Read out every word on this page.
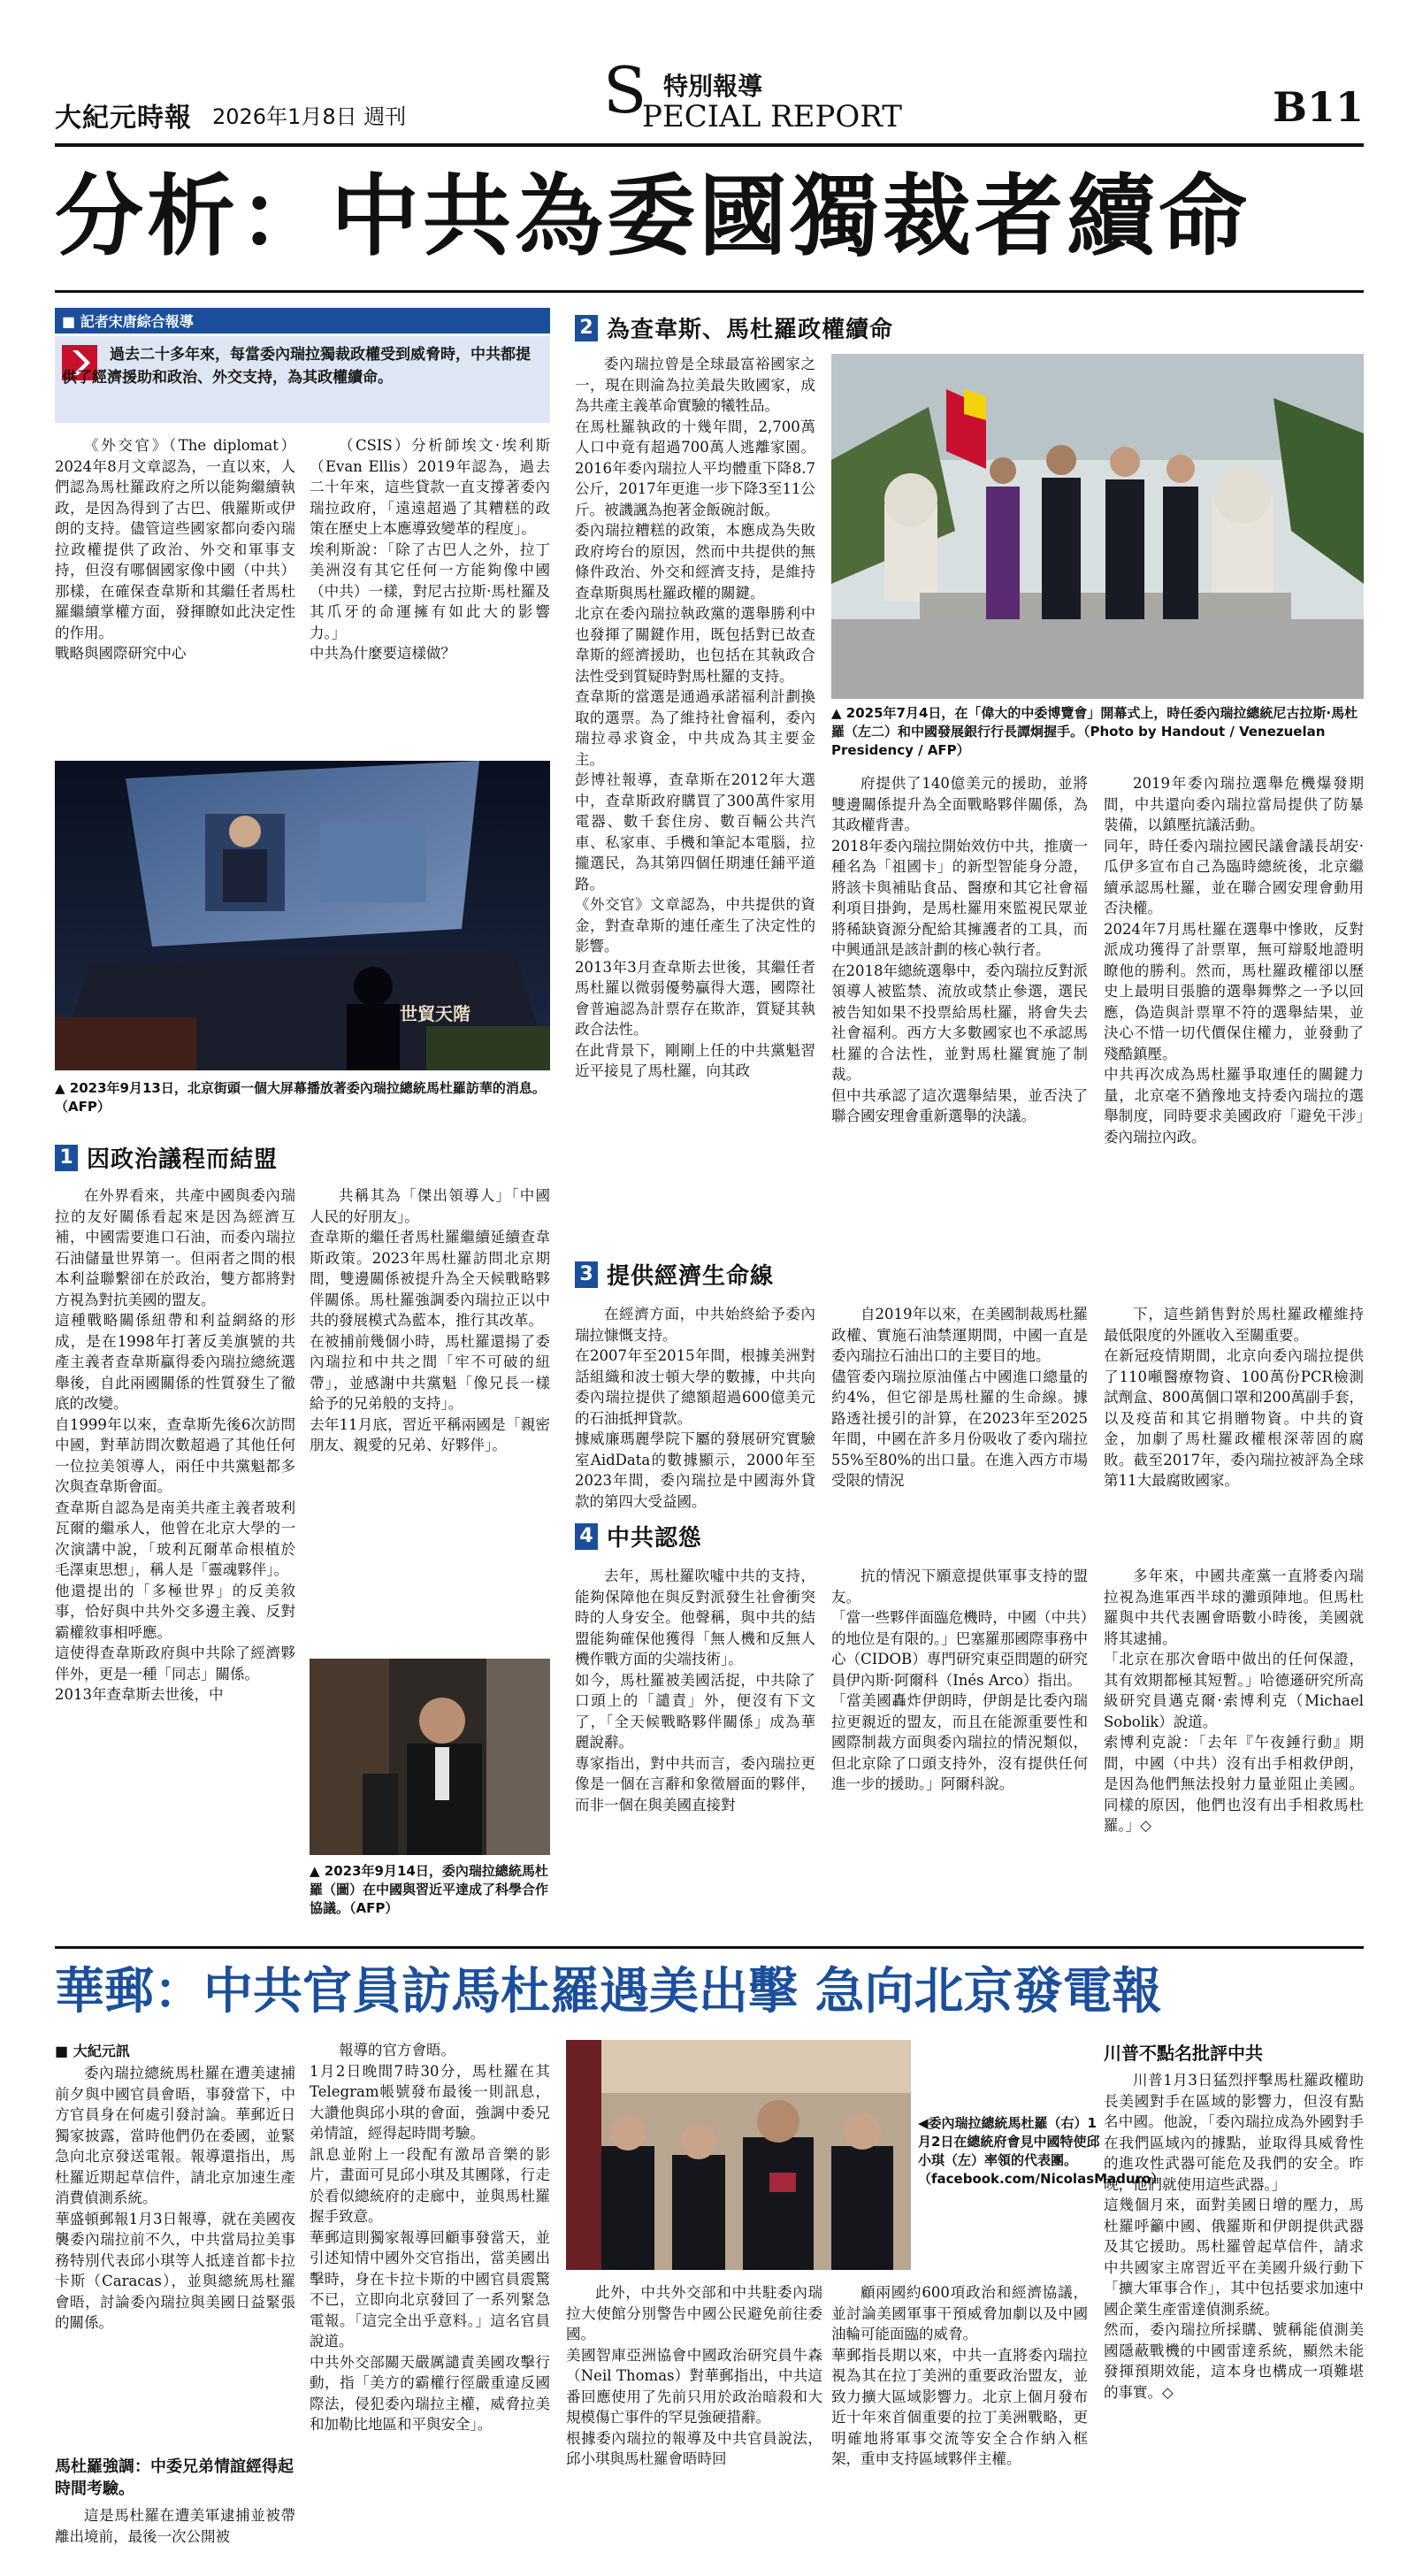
大紀元時報 2026年1月8日 週刊
特別報導
S
PECIAL REPORT	B11
分析：中共為委國獨裁者續命
■ 記者宋唐綜合報導
過去二十多年來，每當委內瑞拉獨裁政權受到威脅時，中共都提供了經濟援助和政治、外交支持，為其政權續命。
《外交官》（The diplomat）2024年8月文章認為，一直以來，人們認為馬杜羅政府之所以能夠繼續執政，是因為得到了古巴、俄羅斯或伊朗的支持。儘管這些國家都向委內瑞拉政權提供了政治、外交和軍事支持，但沒有哪個國家像中國（中共）那樣，在確保查韋斯和其繼任者馬杜羅繼續掌權方面，發揮瞭如此決定性的作用。
戰略與國際研究中心
（CSIS）分析師埃文·埃利斯（Evan Ellis）2019年認為，過去二十年來，這些貸款一直支撐著委內瑞拉政府，「遠遠超過了其糟糕的政策在歷史上本應導致變革的程度」。
埃利斯說：「除了古巴人之外，拉丁美洲沒有其它任何一方能夠像中國（中共）一樣，對尼古拉斯·馬杜羅及其爪牙的命運擁有如此大的影響力。」
中共為什麼要這樣做？
世貿天階
▲ 2023年9月13日，北京街頭一個大屏幕播放著委內瑞拉總統馬杜羅訪華的消息。（AFP）
1 因政治議程而結盟
在外界看來，共產中國與委內瑞拉的友好關係看起來是因為經濟互補，中國需要進口石油，而委內瑞拉石油儲量世界第一。但兩者之間的根本利益聯繫卻在於政治，雙方都將對方視為對抗美國的盟友。
這種戰略關係紐帶和利益網絡的形成，是在1998年打著反美旗號的共產主義者查韋斯贏得委內瑞拉總統選舉後，自此兩國關係的性質發生了徹底的改變。
自1999年以來，查韋斯先後6次訪問中國，對華訪問次數超過了其他任何一位拉美領導人，兩任中共黨魁都多次與查韋斯會面。
查韋斯自認為是南美共產主義者玻利瓦爾的繼承人，他曾在北京大學的一次演講中說，「玻利瓦爾革命根植於毛澤東思想」，稱人是「靈魂夥伴」。
他還提出的「多極世界」的反美敘事，恰好與中共外交多邊主義、反對霸權敘事相呼應。
這使得查韋斯政府與中共除了經濟夥伴外，更是一種「同志」關係。
2013年查韋斯去世後，中
共稱其為「傑出領導人」「中國人民的好朋友」。
查韋斯的繼任者馬杜羅繼續延續查韋斯政策。2023年馬杜羅訪問北京期間，雙邊關係被提升為全天候戰略夥伴關係。馬杜羅強調委內瑞拉正以中共的發展模式為藍本，推行其改革。
在被捕前幾個小時，馬杜羅還揚了委內瑞拉和中共之間「牢不可破的紐帶」，並感謝中共黨魁「像兄長一樣給予的兄弟般的支持」。
去年11月底，習近平稱兩國是「親密朋友、親愛的兄弟、好夥伴」。
▲ 2023年9月14日，委內瑞拉總統馬杜羅（圖）在中國與習近平達成了科學合作協議。（AFP）
2 為查韋斯、馬杜羅政權續命
委內瑞拉曾是全球最富裕國家之一，現在則淪為拉美最失敗國家，成為共產主義革命實驗的犧牲品。
在馬杜羅執政的十幾年間，2,700萬人口中竟有超過700萬人逃離家園。2016年委內瑞拉人平均體重下降8.7公斤，2017年更進一步下降3至11公斤。被譏諷為抱著金飯碗討飯。
委內瑞拉糟糕的政策，本應成為失敗政府垮台的原因，然而中共提供的無條件政治、外交和經濟支持，是維持查韋斯與馬杜羅政權的關鍵。
北京在委內瑞拉執政黨的選舉勝利中也發揮了關鍵作用，既包括對已故查韋斯的經濟援助，也包括在其執政合法性受到質疑時對馬杜羅的支持。
查韋斯的當選是通過承諾福利計劃換取的選票。為了維持社會福利，委內瑞拉尋求資金，中共成為其主要金主。
彭博社報導，查韋斯在2012年大選中，查韋斯政府購買了300萬件家用電器、數千套住房、數百輛公共汽車、私家車、手機和筆記本電腦，拉攏選民，為其第四個任期連任鋪平道路。
《外交官》文章認為，中共提供的資金，對查韋斯的連任產生了決定性的影響。
2013年3月查韋斯去世後，其繼任者馬杜羅以微弱優勢贏得大選，國際社會普遍認為計票存在欺詐，質疑其執政合法性。
在此背景下，剛剛上任的中共黨魁習近平接見了馬杜羅，向其政
▲ 2025年7月4日，在「偉大的中委博覽會」開幕式上，時任委內瑞拉總統尼古拉斯·馬杜羅（左二）和中國發展銀行行長譚炯握手。（Photo by Handout / Venezuelan Presidency / AFP）
府提供了140億美元的援助，並將雙邊關係提升為全面戰略夥伴關係，為其政權背書。
2018年委內瑞拉開始效仿中共，推廣一種名為「祖國卡」的新型智能身分證，將該卡與補貼食品、醫療和其它社會福利項目掛鉤，是馬杜羅用來監視民眾並將稀缺資源分配給其擁護者的工具，而中興通訊是該計劃的核心執行者。
在2018年總統選舉中，委內瑞拉反對派領導人被監禁、流放或禁止參選，選民被告知如果不投票給馬杜羅，將會失去社會福利。西方大多數國家也不承認馬杜羅的合法性，並對馬杜羅實施了制裁。
但中共承認了這次選舉結果，並否決了聯合國安理會重新選舉的決議。
2019年委內瑞拉選舉危機爆發期間，中共還向委內瑞拉當局提供了防暴裝備，以鎮壓抗議活動。
同年，時任委內瑞拉國民議會議長胡安·瓜伊多宣布自己為臨時總統後，北京繼續承認馬杜羅，並在聯合國安理會動用否決權。
2024年7月馬杜羅在選舉中慘敗，反對派成功獲得了計票單，無可辯駁地證明瞭他的勝利。然而，馬杜羅政權卻以歷史上最明目張膽的選舉舞弊之一予以回應，偽造與計票單不符的選舉結果，並決心不惜一切代價保住權力，並發動了殘酷鎮壓。
中共再次成為馬杜羅爭取連任的關鍵力量，北京毫不猶豫地支持委內瑞拉的選舉制度，同時要求美國政府「避免干涉」委內瑞拉內政。
3 提供經濟生命線
在經濟方面，中共始終給予委內瑞拉慷慨支持。
在2007年至2015年間，根據美洲對話組織和波士頓大學的數據，中共向委內瑞拉提供了總額超過600億美元的石油抵押貸款。
據威廉瑪麗學院下屬的發展研究實驗室AidData的數據顯示，2000年至2023年間，委內瑞拉是中國海外貸款的第四大受益國。
自2019年以來，在美國制裁馬杜羅政權、實施石油禁運期間，中國一直是委內瑞拉石油出口的主要目的地。
儘管委內瑞拉原油僅占中國進口總量的約4%，但它卻是馬杜羅的生命線。據路透社援引的計算，在2023年至2025年間，中國在許多月份吸收了委內瑞拉55%至80%的出口量。在進入西方市場受限的情況
下，這些銷售對於馬杜羅政權維持最低限度的外匯收入至關重要。
在新冠疫情期間，北京向委內瑞拉提供了110噸醫療物資、100萬份PCR檢測試劑盒、800萬個口罩和200萬副手套，以及疫苗和其它捐贈物資。中共的資金，加劇了馬杜羅政權根深蒂固的腐敗。截至2017年，委內瑞拉被評為全球第11大最腐敗國家。
4 中共認慫
去年，馬杜羅吹噓中共的支持，能夠保障他在與反對派發生社會衝突時的人身安全。他聲稱，與中共的結盟能夠確保他獲得「無人機和反無人機作戰方面的尖端技術」。
如今，馬杜羅被美國活捉，中共除了口頭上的「譴責」外，便沒有下文了，「全天候戰略夥伴關係」成為華麗說辭。
專家指出，對中共而言，委內瑞拉更像是一個在言辭和象徵層面的夥伴，而非一個在與美國直接對
抗的情況下願意提供軍事支持的盟友。
「當一些夥伴面臨危機時，中國（中共）的地位是有限的。」巴塞羅那國際事務中心（CIDOB）專門研究東亞問題的研究員伊內斯·阿爾科（Inés Arco）指出。
「當美國轟炸伊朗時，伊朗是比委內瑞拉更親近的盟友，而且在能源重要性和國際制裁方面與委內瑞拉的情況類似，但北京除了口頭支持外，沒有提供任何進一步的援助。」阿爾科說。
多年來，中國共產黨一直將委內瑞拉視為進軍西半球的灘頭陣地。但馬杜羅與中共代表團會晤數小時後，美國就將其逮捕。
「北京在那次會晤中做出的任何保證，其有效期都極其短暫。」哈德遜研究所高級研究員邁克爾·索博利克（Michael Sobolik）說道。
索博利克說：「去年『午夜錘行動』期間，中國（中共）沒有出手相救伊朗，是因為他們無法投射力量並阻止美國。同樣的原因，他們也沒有出手相救馬杜羅。」◇
華郵：中共官員訪馬杜羅遇美出擊 急向北京發電報
■ 大紀元訊
委內瑞拉總統馬杜羅在遭美逮捕前夕與中國官員會晤，事發當下，中方官員身在何處引發討論。華郵近日獨家披露，當時他們仍在委國，並緊急向北京發送電報。報導還指出，馬杜羅近期起草信件，請北京加速生產消費偵測系統。
華盛頓郵報1月3日報導，就在美國夜襲委內瑞拉前不久，中共當局拉美事務特別代表邱小琪等人抵達首都卡拉卡斯（Caracas），並與總統馬杜羅會晤，討論委內瑞拉與美國日益緊張的關係。
馬杜羅強調：中委兄弟情誼經得起時間考驗。
這是馬杜羅在遭美軍逮捕並被帶離出境前，最後一次公開被
報導的官方會晤。
1月2日晚間7時30分，馬杜羅在其Telegram帳號發布最後一則訊息，大讚他與邱小琪的會面，強調中委兄弟情誼，經得起時間考驗。
訊息並附上一段配有激昂音樂的影片，畫面可見邱小琪及其團隊，行走於看似總統府的走廊中，並與馬杜羅握手致意。
華郵這則獨家報導回顧事發當天，並引述知情中國外交官指出，當美國出擊時，身在卡拉卡斯的中國官員震驚不已，立即向北京發回了一系列緊急電報。「這完全出乎意料。」這名官員說道。
中共外交部關天嚴厲譴責美國攻擊行動，指「美方的霸權行徑嚴重違反國際法，侵犯委內瑞拉主權，威脅拉美和加勒比地區和平與安全」。
◀委內瑞拉總統馬杜羅（右）1月2日在總統府會見中國特使邱小琪（左）率領的代表團。（facebook.com/NicolasMaduro）
此外，中共外交部和中共駐委內瑞拉大使館分別警告中國公民避免前往委國。
美國智庫亞洲協會中國政治研究員牛森（Neil Thomas）對華郵指出，中共這番回應使用了先前只用於政治暗殺和大規模傷亡事件的罕見強硬措辭。
根據委內瑞拉的報導及中共官員說法，邱小琪與馬杜羅會晤時回
顧兩國約600項政治和經濟協議，並討論美國軍事干預威脅加劇以及中國油輪可能面臨的威脅。
華郵指長期以來，中共一直將委內瑞拉視為其在拉丁美洲的重要政治盟友，並致力擴大區域影響力。北京上個月發布近十年來首個重要的拉丁美洲戰略，更明確地將軍事交流等安全合作納入框架，重申支持區域夥伴主權。
川普不點名批評中共
川普1月3日猛烈抨擊馬杜羅政權助長美國對手在區域的影響力，但沒有點名中國。他說，「委內瑞拉成為外國對手在我們區域內的據點，並取得具威脅性的進攻性武器可能危及我們的安全。昨晚，他們就使用這些武器。」
這幾個月來，面對美國日增的壓力，馬杜羅呼籲中國、俄羅斯和伊朗提供武器及其它援助。馬杜羅曾起草信件，請求中共國家主席習近平在美國升級行動下「擴大軍事合作」，其中包括要求加速中國企業生產雷達偵測系統。
然而，委內瑞拉所採購、號稱能偵測美國隱蔽戰機的中國雷達系統，顯然未能發揮預期效能，這本身也構成一項難堪的事實。◇
